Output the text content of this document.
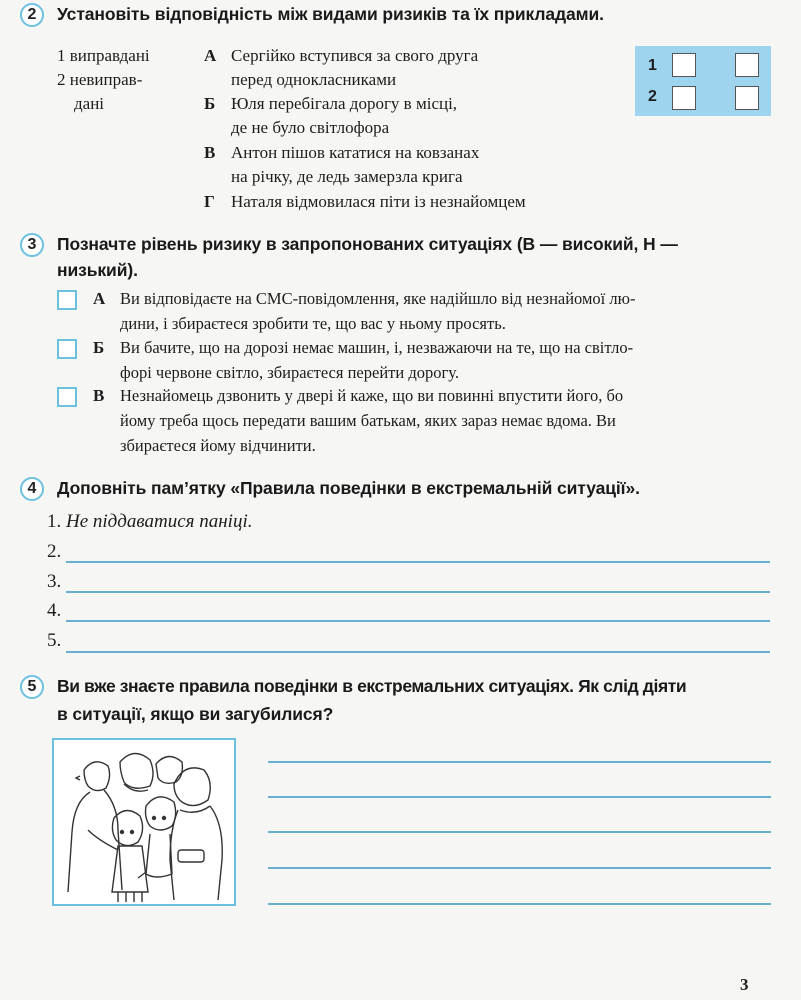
2	Установіть відповідність між видами ризиків та їх прикладами.
1 виправдані
2 невиправ-
дані
А Сергійко вступився за свого друга
перед однокласниками
Б Юля перебігала дорогу в місці,
де не було світлофора
В Антон пішов кататися на ковзанах
на річку, де ледь замерзла крига
Г Наталя відмовилася піти із незнайомцем
1
2
3	Позначте рівень ризику в запропонованих ситуаціях (В — високий, Н —
низький).
А Ви відповідаєте на СМС-повідомлення, яке надійшло від незнайомої лю-
дини, і збираєтеся зробити те, що вас у ньому просять.
Б Ви бачите, що на дорозі немає машин, і, незважаючи на те, що на світло-
форі червоне світло, збираєтеся перейти дорогу.
В Незнайомець дзвонить у двері й каже, що ви повинні впустити його, бо
йому треба щось передати вашим батькам, яких зараз немає вдома. Ви
збираєтеся йому відчинити.
4	Доповніть пам’ятку «Правила поведінки в екстремальній ситуації».
1. Не піддаватися паніці.
2.
3.
4.
5.
5	Ви вже знаєте правила поведінки в екстремальних ситуаціях. Як слід діяти
в ситуації, якщо ви загубилися?
3
